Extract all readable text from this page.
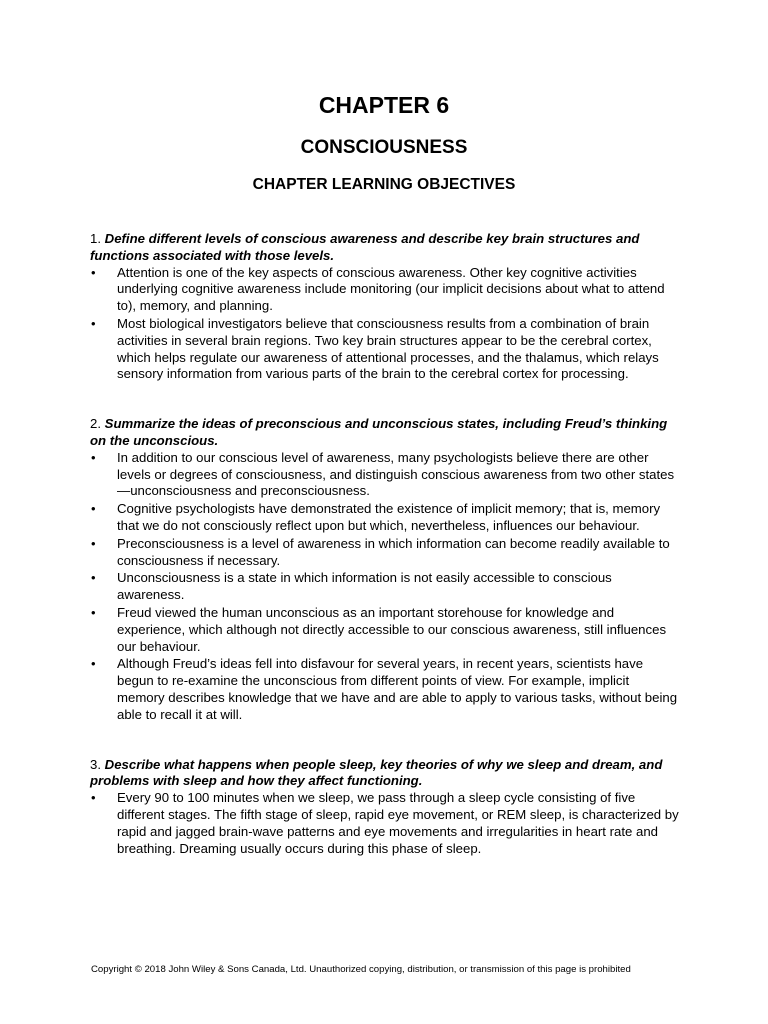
CHAPTER 6
CONSCIOUSNESS
CHAPTER LEARNING OBJECTIVES

1. Define different levels of conscious awareness and describe key brain structures and functions associated with those levels.

• Attention is one of the key aspects of conscious awareness. Other key cognitive activities underlying cognitive awareness include monitoring (our implicit decisions about what to attend to), memory, and planning.
• Most biological investigators believe that consciousness results from a combination of brain activities in several brain regions. Two key brain structures appear to be the cerebral cortex, which helps regulate our awareness of attentional processes, and the thalamus, which relays sensory information from various parts of the brain to the cerebral cortex for processing.

2. Summarize the ideas of preconscious and unconscious states, including Freud’s thinking on the unconscious.

• In addition to our conscious level of awareness, many psychologists believe there are other levels or degrees of consciousness, and distinguish conscious awareness from two other states—unconsciousness and preconsciousness.
• Cognitive psychologists have demonstrated the existence of implicit memory; that is, memory that we do not consciously reflect upon but which, nevertheless, influences our behaviour.
• Preconsciousness is a level of awareness in which information can become readily available to consciousness if necessary.
• Unconsciousness is a state in which information is not easily accessible to conscious awareness.
• Freud viewed the human unconscious as an important storehouse for knowledge and experience, which although not directly accessible to our conscious awareness, still influences our behaviour.
• Although Freud’s ideas fell into disfavour for several years, in recent years, scientists have begun to re-examine the unconscious from different points of view. For example, implicit memory describes knowledge that we have and are able to apply to various tasks, without being able to recall it at will.

3. Describe what happens when people sleep, key theories of why we sleep and dream, and problems with sleep and how they affect functioning.

• Every 90 to 100 minutes when we sleep, we pass through a sleep cycle consisting of five different stages. The fifth stage of sleep, rapid eye movement, or REM sleep, is characterized by rapid and jagged brain-wave patterns and eye movements and irregularities in heart rate and breathing. Dreaming usually occurs during this phase of sleep.
Copyright © 2018 John Wiley & Sons Canada, Ltd. Unauthorized copying, distribution, or transmission of this page is prohibited
